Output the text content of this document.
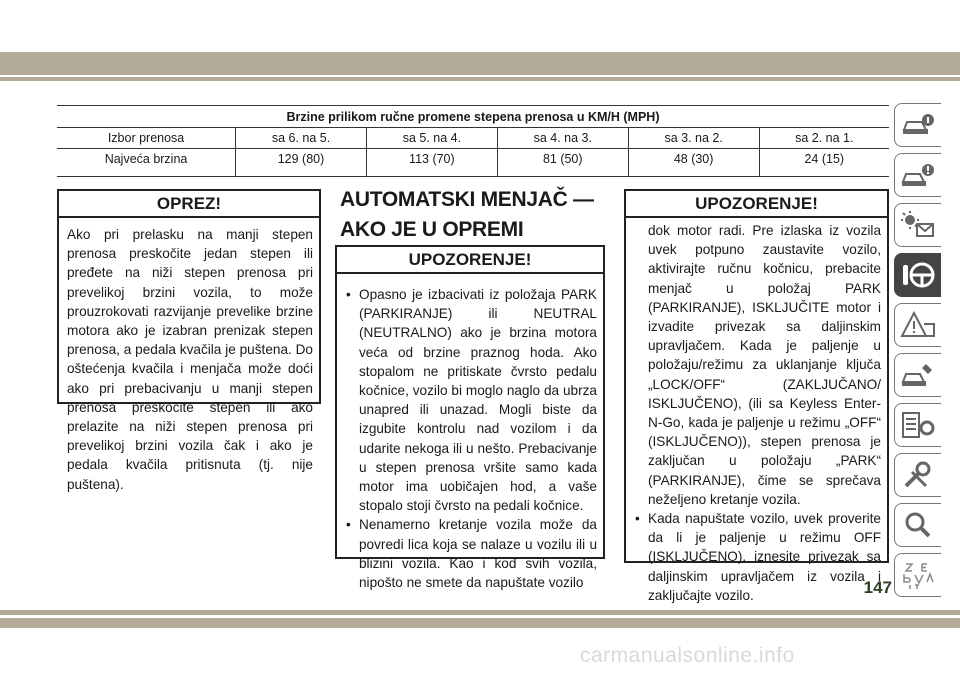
Brzine prilikom ručne promene stepena prenosa u KM/H (MPH)					
Izbor prenosa	sa 6. na 5.	sa 5. na 4.	sa 4. na 3.	sa 3. na 2.	sa 2. na 1.
Najveća brzina	129 (80)	113 (70)	81 (50)	48 (30)	24 (15)
OPREZ!
Ako pri prelasku na manji stepen prenosa preskočite jedan stepen ili pređete na niži stepen prenosa pri prevelikoj brzini vozila, to može prouzrokovati razvijanje prevelike brzine motora ako je izabran prenizak stepen prenosa, a pedala kvačila je puštena. Do oštećenja kvačila i menjača može doći ako pri prebacivanju u manji stepen prenosa preskočite stepen ili ako prelazite na niži stepen prenosa pri prevelikoj brzini vozila čak i ako je pedala kvačila pritisnuta (tj. nije puštena).
AUTOMATSKI MENJAČ — AKO JE U OPREMI
UPOZORENJE!
• Opasno je izbacivati iz položaja PARK (PARKIRANJE) ili NEUTRAL (NEUTRALNO) ako je brzina motora veća od brzine praznog hoda. Ako stopalom ne pritiskate čvrsto pedalu kočnice, vozilo bi moglo naglo da ubrza unapred ili unazad. Mogli biste da izgubite kontrolu nad vozilom i da udarite nekoga ili u nešto. Prebacivanje u stepen prenosa vršite samo kada motor ima uobičajen hod, a vaše stopalo stoji čvrsto na pedali kočnice.
• Nenamerno kretanje vozila može da povredi lica koja se nalaze u vozilu ili u blizini vozila. Kao i kod svih vozila, nipošto ne smete da napuštate vozilo
UPOZORENJE!
dok motor radi. Pre izlaska iz vozila uvek potpuno zaustavite vozilo, aktivirajte ručnu kočnicu, prebacite menjač u položaj PARK (PARKIRANJE), ISKLJUČITE motor i izvadite privezak sa daljinskim upravljačem. Kada je paljenje u položaju/režimu za uklanjanje ključa „LOCK/OFF“ (ZAKLJUČANO/ ISKLJUČENO), (ili sa Keyless Enter-N-Go, kada je paljenje u režimu „OFF“ (ISKLJUČENO)), stepen prenosa je zaključan u položaju „PARK“ (PARKIRANJE), čime se sprečava neželjeno kretanje vozila.
• Kada napuštate vozilo, uvek proverite da li je paljenje u režimu OFF (ISKLJUČENO), iznesite privezak sa daljinskim upravljačem iz vozila i zaključajte vozilo.	147
carmanualsonline.info
